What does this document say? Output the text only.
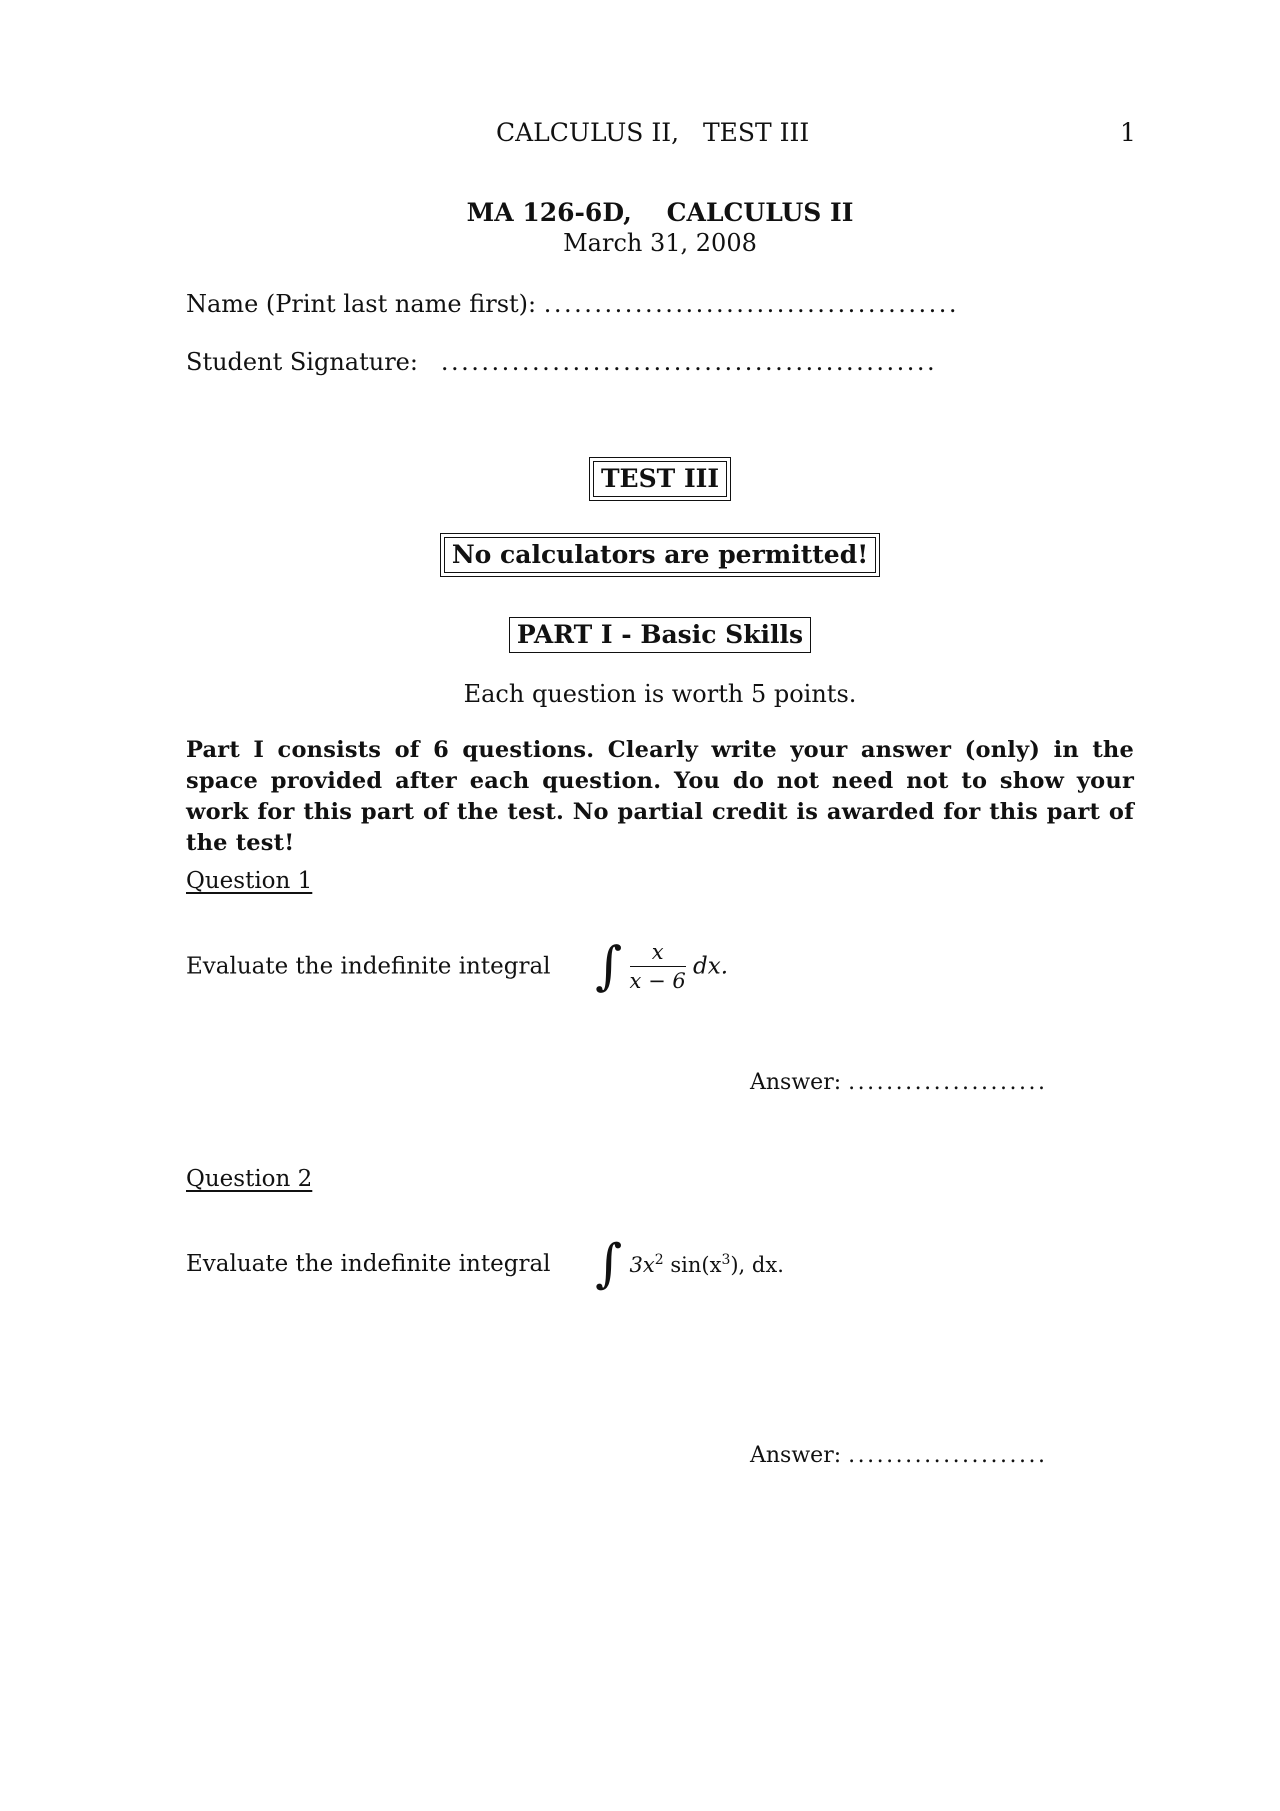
CALCULUS II, TEST III	1
MA 126-6D, CALCULUS II
March 31, 2008
Name (Print last name first): .........................................
Student Signature: .................................................
TEST III
No calculators are permitted!
PART I - Basic Skills
Each question is worth 5 points.
Part I consists of 6 questions. Clearly write your answer (only) in the space provided after each question. You do not need not to show your work for this part of the test. No partial credit is awarded for this part of the test!
Question 1
Evaluate the indefinite integral ∫ $\frac{x}{x - 6}$ dx.
Answer: .....................
Question 2
Evaluate the indefinite integral ∫ $3x^2$ $\sin(x^3)$, dx.
Answer: .....................
